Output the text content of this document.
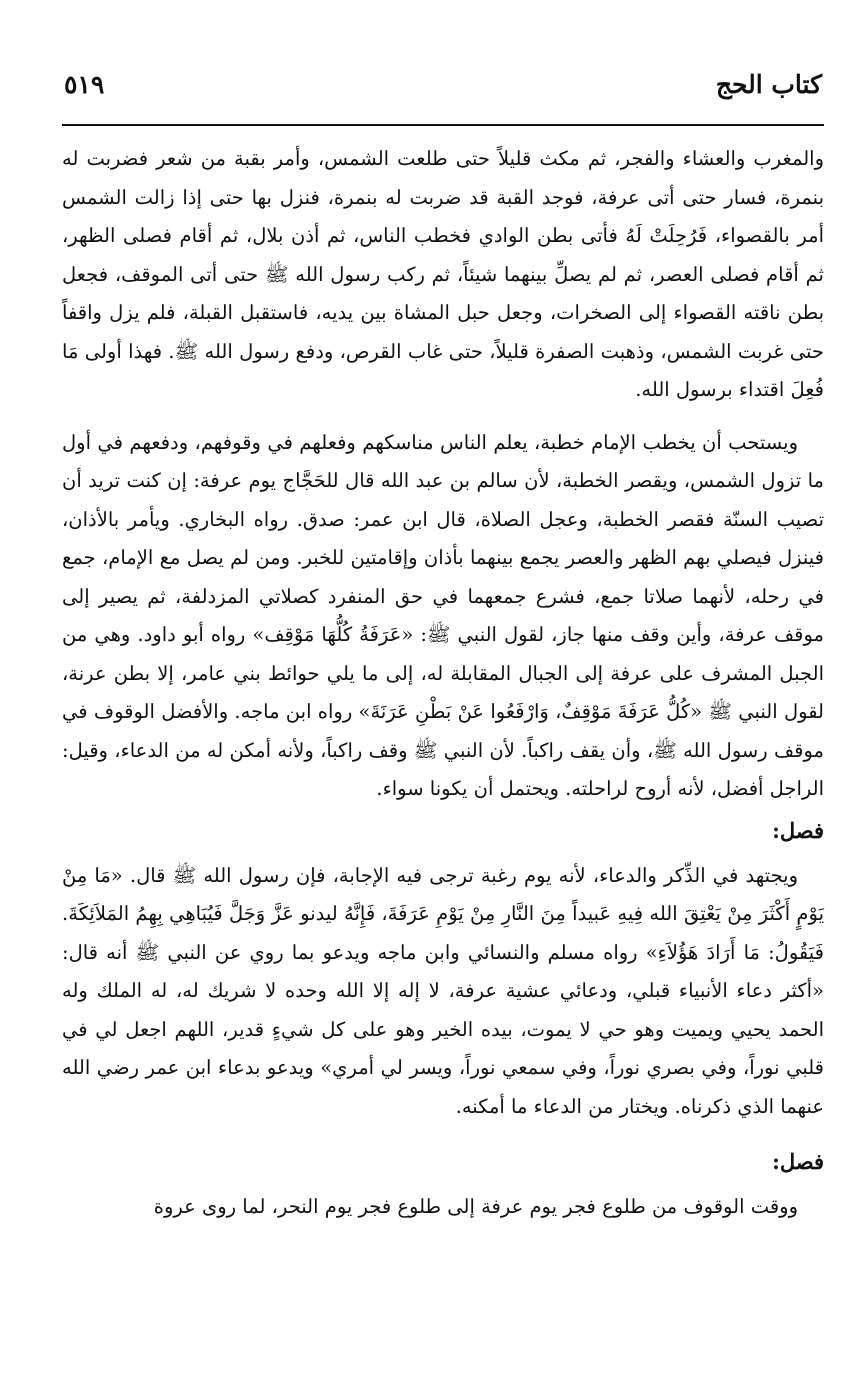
كتاب الحج
٥١٩

والمغرب والعشاء والفجر، ثم مكث قليلاً حتى طلعت الشمس، وأمر بقبة من شعر فضربت له بنمرة، فسار حتى أتى عرفة، فوجد القبة قد ضربت له بنمرة، فنزل بها حتى إذا زالت الشمس أمر بالقصواء، فَرُحِلَتْ لَهُ فأتى بطن الوادي فخطب الناس، ثم أذن بلال، ثم أقام فصلى الظهر، ثم أقام فصلى العصر، ثم لم يصلِّ بينهما شيئاً، ثم ركب رسول الله ﷺ حتى أتى الموقف، فجعل بطن ناقته القصواء إلى الصخرات، وجعل حبل المشاة بين يديه، فاستقبل القبلة، فلم يزل واقفاً حتى غربت الشمس، وذهبت الصفرة قليلاً، حتى غاب القرص، ودفع رسول الله ﷺ. فهذا أولى مَا فُعِلَ اقتداء برسول الله.

ويستحب أن يخطب الإمام خطبة، يعلم الناس مناسكهم وفعلهم في وقوفهم، ودفعهم في أول ما تزول الشمس، ويقصر الخطبة، لأن سالم بن عبد الله قال للحَجَّاج يوم عرفة: إن كنت تريد أن تصيب السنّة فقصر الخطبة، وعجل الصلاة، قال ابن عمر: صدق. رواه البخاري. ويأمر بالأذان، فينزل فيصلي بهم الظهر والعصر يجمع بينهما بأذان وإقامتين للخبر. ومن لم يصل مع الإمام، جمع في رحله، لأنهما صلاتا جمع، فشرع جمعهما في حق المنفرد كصلاتي المزدلفة، ثم يصير إلى موقف عرفة، وأين وقف منها جاز، لقول النبي ﷺ: «عَرَفَةُ كُلُّهَا مَوْقِف» رواه أبو داود. وهي من الجبل المشرف على عرفة إلى الجبال المقابلة له، إلى ما يلي حوائط بني عامر، إلا بطن عرنة، لقول النبي ﷺ «كُلُّ عَرَفَةَ مَوْقِفٌ، وَارْفَعُوا عَنْ بَطْنِ عَرَنَةَ» رواه ابن ماجه. والأفضل الوقوف في موقف رسول الله ﷺ، وأن يقف راكباً. لأن النبي ﷺ وقف راكباً، ولأنه أمكن له من الدعاء، وقيل: الراجل أفضل، لأنه أروح لراحلته. ويحتمل أن يكونا سواء.

فصل:

ويجتهد في الذِّكر والدعاء، لأنه يوم رغبة ترجى فيه الإجابة، فإن رسول الله ﷺ قال. «مَا مِنْ يَوْمٍ أَكْثَرَ مِنْ يَعْتِقَ الله فِيهِ عَبيداً مِنَ النَّارِ مِنْ يَوْمِ عَرَفَةَ، فَإِنَّهُ ليدنو عَزَّ وَجَلَّ فَيُبَاهِي بِهِمُ المَلاَئِكَةَ. فَيَقُولُ: مَا أَرَادَ هَؤُلاَءِ» رواه مسلم والنسائي وابن ماجه ويدعو بما روي عن النبي ﷺ أنه قال: «أكثر دعاء الأنبياء قبلي، ودعائي عشية عرفة، لا إله إلا الله وحده لا شريك له، له الملك وله الحمد يحيي ويميت وهو حي لا يموت، بيده الخير وهو على كل شيءٍ قدير، اللهم اجعل لي في قلبي نوراً، وفي بصري نوراً، وفي سمعي نوراً، ويسر لي أمري» ويدعو بدعاء ابن عمر رضي الله عنهما الذي ذكرناه. ويختار من الدعاء ما أمكنه.

فصل:

ووقت الوقوف من طلوع فجر يوم عرفة إلى طلوع فجر يوم النحر، لما روى عروة
